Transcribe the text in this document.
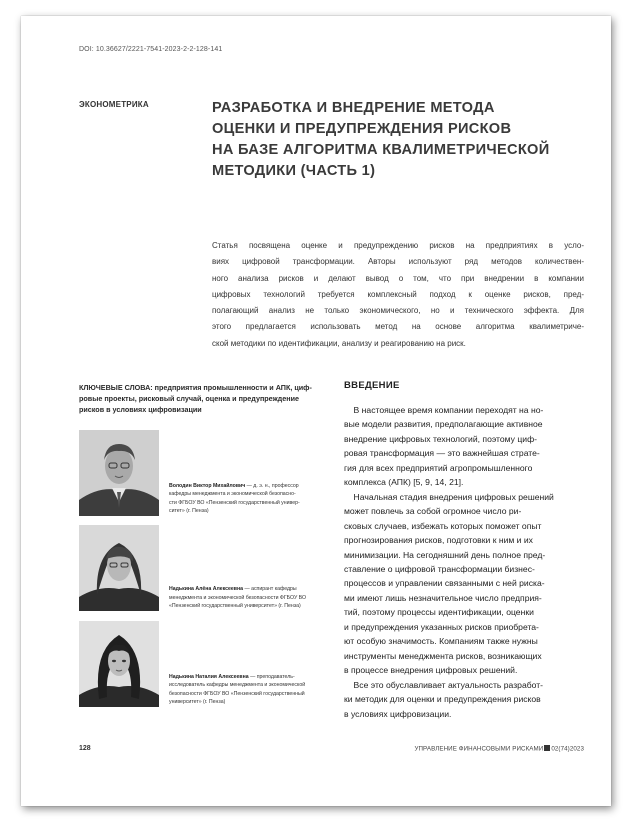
DOI: 10.36627/2221-7541-2023-2-2-128-141
ЭКОНОМЕТРИКА	РАЗРАБОТКА И ВНЕДРЕНИЕ МЕТОДА
ОЦЕНКИ И ПРЕДУПРЕЖДЕНИЯ РИСКОВ
НА БАЗЕ АЛГОРИТМА КВАЛИМЕТРИЧЕСКОЙ
МЕТОДИКИ (ЧАСТЬ 1)
Статья посвящена оценке и предупреждению рисков на предприятиях в усло-
виях цифровой трансформации. Авторы используют ряд методов количествен-
ного анализа рисков и делают вывод о том, что при внедрении в компании
цифровых технологий требуется комплексный подход к оценке рисков, пред-
полагающий анализ не только экономического, но и технического эффекта. Для
этого предлагается использовать метод на основе алгоритма квалиметриче-
ской методики по идентификации, анализу и реагированию на риск.
КЛЮЧЕВЫЕ СЛОВА: предприятия промышленности и АПК, циф-
ровые проекты, рисковый случай, оценка и предупреждение
рисков в условиях цифровизации
Володин Виктор Михайлович — д. э. н., профессор
кафедры менеджмента и экономической безопасно-
сти ФГБОУ ВО «Пензенский государственный универ-
ситет» (г. Пенза)
Надькина Алёна Алексеевна — аспирант кафедры
менеджмента и экономической безопасности ФГБОУ ВО
«Пензенский государственный университет» (г. Пенза)
Надькина Наталия Алексеевна — преподаватель-
исследователь кафедры менеджмента и экономической
безопасности ФГБОУ ВО «Пензенский государственный
университет» (г. Пенза)
ВВЕДЕНИЕ
В настоящее время компании переходят на но-
вые модели развития, предполагающие активное
внедрение цифровых технологий, поэтому циф-
ровая трансформация — это важнейшая страте-
гия для всех предприятий агропромышленного
комплекса (АПК) [5, 9, 14, 21].
Начальная стадия внедрения цифровых решений
может повлечь за собой огромное число ри-
сковых случаев, избежать которых поможет опыт
прогнозирования рисков, подготовки к ним и их
минимизации. На сегодняшний день полное пред-
ставление о цифровой трансформации бизнес-
процессов и управлении связанными с ней риска-
ми имеют лишь незначительное число предприя-
тий, поэтому процессы идентификации, оценки
и предупреждения указанных рисков приобрета-
ют особую значимость. Компаниям также нужны
инструменты менеджмента рисков, возникающих
в процессе внедрения цифровых решений.
Все это обуславливает актуальность разработ-
ки методик для оценки и предупреждения рисков
в условиях цифровизации.
128	УПРАВЛЕНИЕ ФИНАНСОВЫМИ РИСКАМИ 02(74)2023
